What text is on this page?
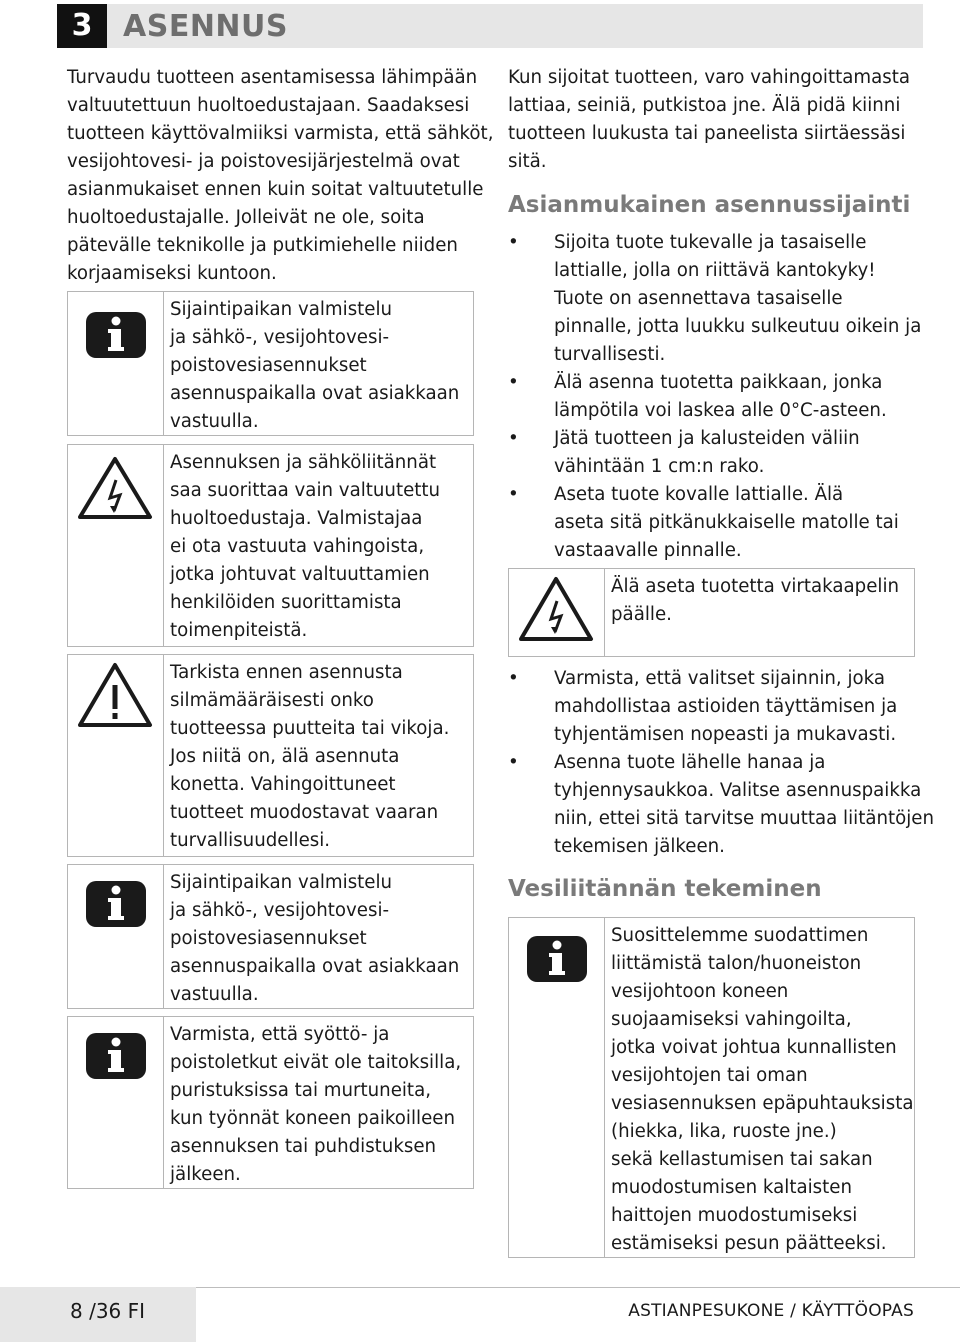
3	ASENNUS
Turvaudu tuotteen asentamisessa lähimpään
valtuutettuun huoltoedustajaan. Saadaksesi
tuotteen käyttövalmiiksi varmista, että sähköt,
vesijohtovesi- ja poistovesijärjestelmä ovat
asianmukaiset ennen kuin soitat valtuutetulle
huoltoedustajalle. Jolleivät ne ole, soita
pätevälle teknikolle ja putkimiehelle niiden
korjaamiseksi kuntoon.
Sijaintipaikan valmistelu
ja sähkö-, vesijohtovesi-
poistovesiasennukset
asennuspaikalla ovat asiakkaan
vastuulla.
Asennuksen ja sähköliitännät
saa suorittaa vain valtuutettu
huoltoedustaja. Valmistajaa
ei ota vastuuta vahingoista,
jotka johtuvat valtuuttamien
henkilöiden suorittamista
toimenpiteistä.
Tarkista ennen asennusta
silmämääräisesti onko
tuotteessa puutteita tai vikoja.
Jos niitä on, älä asennuta
konetta. Vahingoittuneet
tuotteet muodostavat vaaran
turvallisuudellesi.
Sijaintipaikan valmistelu
ja sähkö-, vesijohtovesi-
poistovesiasennukset
asennuspaikalla ovat asiakkaan
vastuulla.
Varmista, että syöttö- ja
poistoletkut eivät ole taitoksilla,
puristuksissa tai murtuneita,
kun työnnät koneen paikoilleen
asennuksen tai puhdistuksen
jälkeen.
Kun sijoitat tuotteen, varo vahingoittamasta
lattiaa, seiniä, putkistoa jne. Älä pidä kiinni
tuotteen luukusta tai paneelista siirtäessäsi
sitä.
Asianmukainen asennussijainti
• Sijoita tuote tukevalle ja tasaiselle
lattialle, jolla on riittävä kantokyky!
Tuote on asennettava tasaiselle
pinnalle, jotta luukku sulkeutuu oikein ja
turvallisesti.
• Älä asenna tuotetta paikkaan, jonka
lämpötila voi laskea alle 0°C-asteen.
• Jätä tuotteen ja kalusteiden väliin
vähintään 1 cm:n rako.
• Aseta tuote kovalle lattialle. Älä
aseta sitä pitkänukkaiselle matolle tai
vastaavalle pinnalle.
Älä aseta tuotetta virtakaapelin
päälle.
• Varmista, että valitset sijainnin, joka
mahdollistaa astioiden täyttämisen ja
tyhjentämisen nopeasti ja mukavasti.
• Asenna tuote lähelle hanaa ja
tyhjennysaukkoa. Valitse asennuspaikka
niin, ettei sitä tarvitse muuttaa liitäntöjen
tekemisen jälkeen.
Vesiliitännän tekeminen
Suosittelemme suodattimen
liittämistä talon/huoneiston
vesijohtoon koneen
suojaamiseksi vahingoilta,
jotka voivat johtua kunnallisten
vesijohtojen tai oman
vesiasennuksen epäpuhtauksista
(hiekka, lika, ruoste jne.)
sekä kellastumisen tai sakan
muodostumisen kaltaisten
haittojen muodostumiseksi
estämiseksi pesun päätteeksi.
8 /36 FI	ASTIANPESUKONE / KÄYTTÖOPAS
